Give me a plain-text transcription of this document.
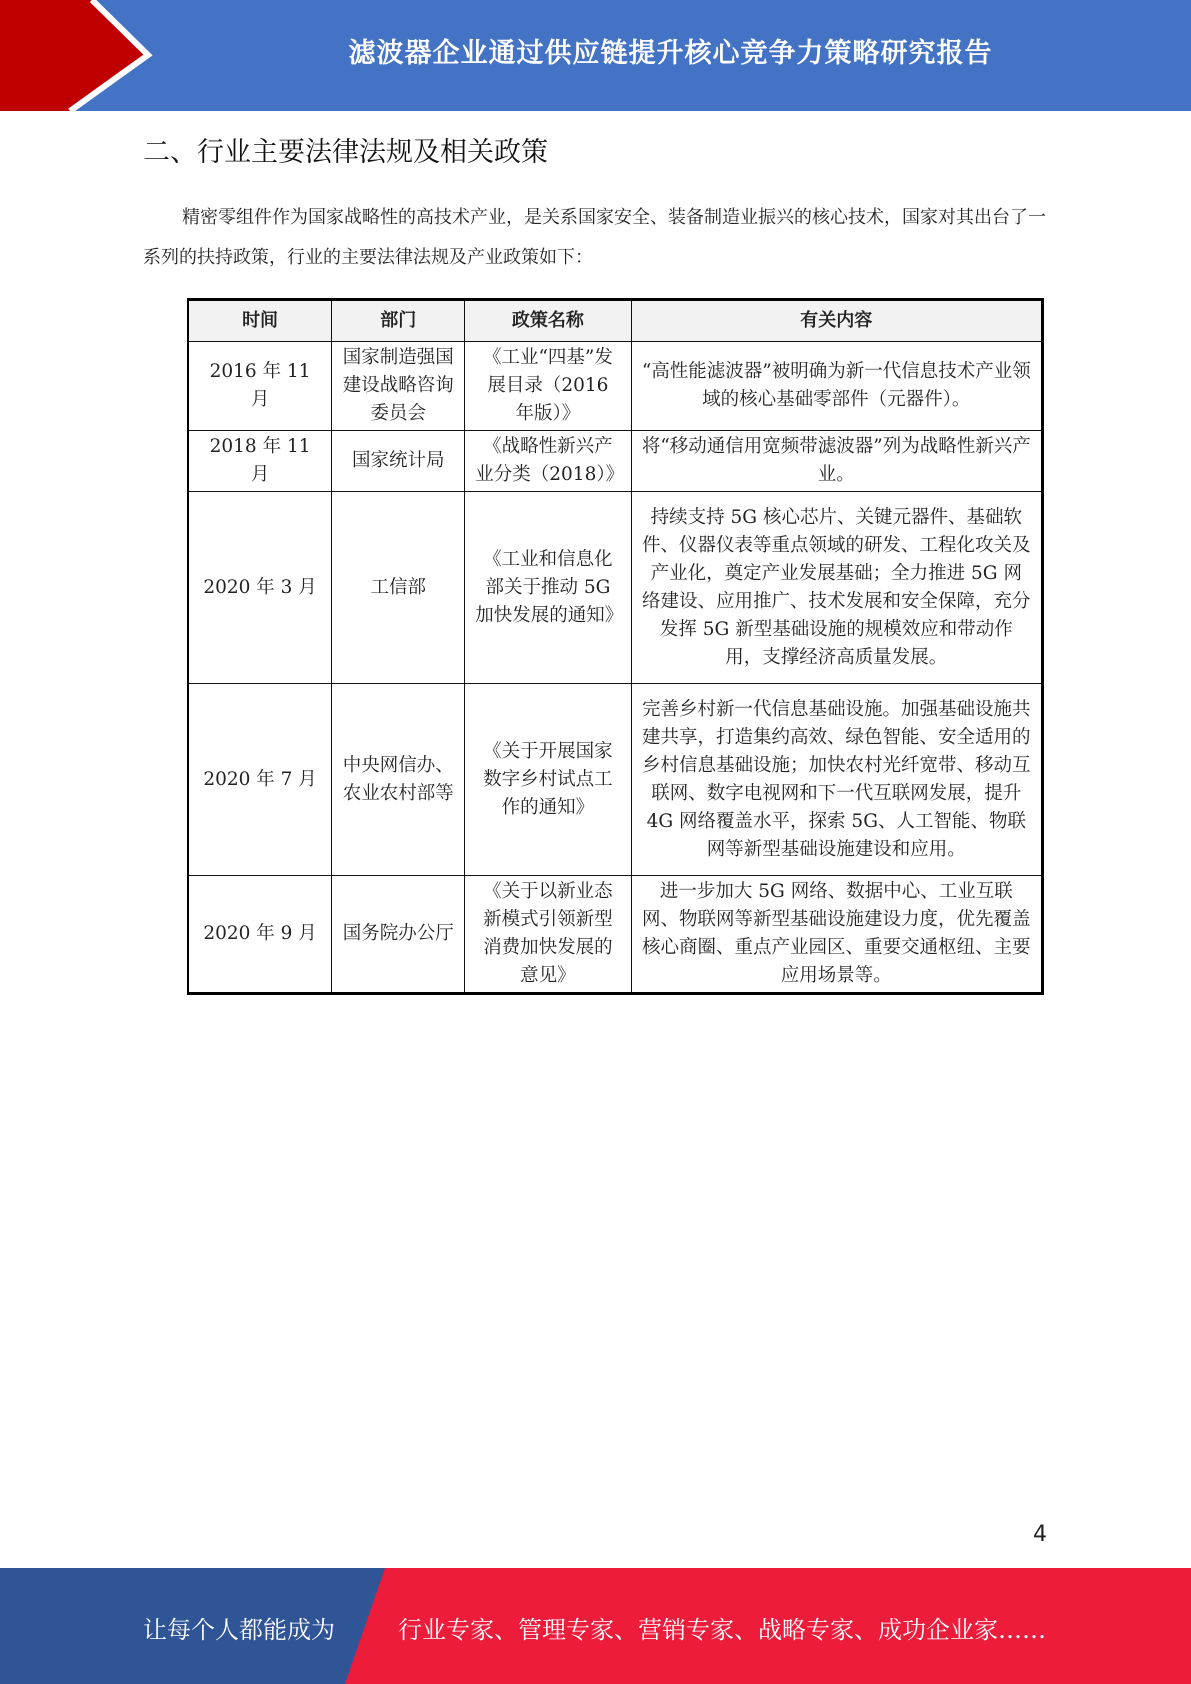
滤波器企业通过供应链提升核心竞争力策略研究报告
二、行业主要法律法规及相关政策

精密零组件作为国家战略性的高技术产业，是关系国家安全、装备制造业振兴的核心技术，国家对其出台了一系列的扶持政策，行业的主要法律法规及产业政策如下：

时间	部门	政策名称	有关内容
2016 年 11 月	国家制造强国建设战略咨询委员会	《工业“四基”发展目录（2016 年版）》	“高性能滤波器”被明确为新一代信息技术产业领域的核心基础零部件（元器件）。
2018 年 11 月	国家统计局	《战略性新兴产业分类（2018）》	将“移动通信用宽频带滤波器”列为战略性新兴产业。
2020 年 3 月	工信部	《工业和信息化部关于推动 5G 加快发展的通知》	持续支持 5G 核心芯片、关键元器件、基础软件、仪器仪表等重点领域的研发、工程化攻关及产业化，奠定产业发展基础；全力推进 5G 网络建设、应用推广、技术发展和安全保障，充分发挥 5G 新型基础设施的规模效应和带动作用，支撑经济高质量发展。
2020 年 7 月	中央网信办、农业农村部等	《关于开展国家数字乡村试点工作的通知》	完善乡村新一代信息基础设施。加强基础设施共建共享，打造集约高效、绿色智能、安全适用的乡村信息基础设施；加快农村光纤宽带、移动互联网、数字电视网和下一代互联网发展，提升 4G 网络覆盖水平，探索 5G、人工智能、物联网等新型基础设施建设和应用。
2020 年 9 月	国务院办公厅	《关于以新业态新模式引领新型消费加快发展的意见》	进一步加大 5G 网络、数据中心、工业互联网、物联网等新型基础设施建设力度，优先覆盖核心商圈、重点产业园区、重要交通枢纽、主要应用场景等。
4
让每个人都能成为	行业专家、管理专家、营销专家、战略专家、成功企业家……
